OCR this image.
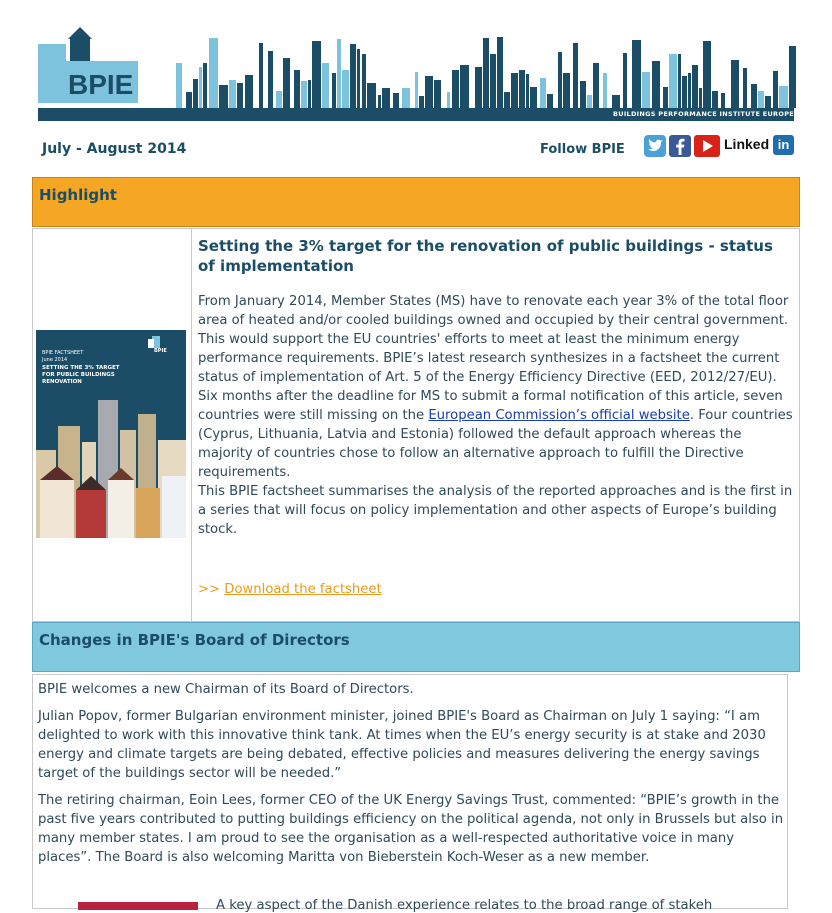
BPIE
BUILDINGS PERFORMANCE INSTITUTE EUROPE
July - August 2014	Follow BPIE	Linked in
Highlight
BPIE FACTSHEET
June 2014
SETTING THE 3% TARGET FOR PUBLIC BUILDINGS RENOVATION
BPIE
Setting the 3% target for the renovation of public buildings - status of implementation

From January 2014, Member States (MS) have to renovate each year 3% of the total floor area of heated and/or cooled buildings owned and occupied by their central government. This would support the EU countries' efforts to meet at least the minimum energy performance requirements. BPIE’s latest research synthesizes in a factsheet the current status of implementation of Art. 5 of the Energy Efficiency Directive (EED, 2012/27/EU).

Six months after the deadline for MS to submit a formal notification of this article, seven countries were still missing on the European Commission’s official website. Four countries (Cyprus, Lithuania, Latvia and Estonia) followed the default approach whereas the majority of countries chose to follow an alternative approach to fulfill the Directive requirements.

This BPIE factsheet summarises the analysis of the reported approaches and is the first in a series that will focus on policy implementation and other aspects of Europe’s building stock.

>> Download the factsheet
Changes in BPIE's Board of Directors

BPIE welcomes a new Chairman of its Board of Directors.

Julian Popov, former Bulgarian environment minister, joined BPIE's Board as Chairman on July 1 saying: “I am delighted to work with this innovative think tank. At times when the EU’s energy security is at stake and 2030 energy and climate targets are being debated, effective policies and measures delivering the energy savings target of the buildings sector will be needed.”

The retiring chairman, Eoin Lees, former CEO of the UK Energy Savings Trust, commented: “BPIE’s growth in the past five years contributed to putting buildings efficiency on the political agenda, not only in Brussels but also in many member states. I am proud to see the organisation as a well-respected authoritative voice in many places”. The Board is also welcoming Maritta von Bieberstein Koch-Weser as a new member.

A key aspect of the Danish experience relates to the broad range of stakeh
